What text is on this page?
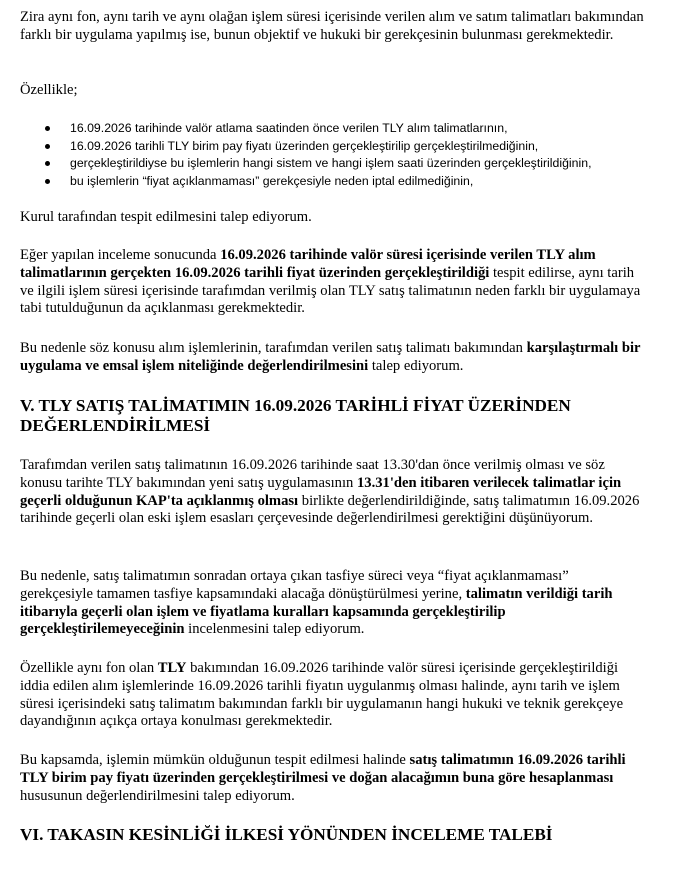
Zira aynı fon, aynı tarih ve aynı olağan işlem süresi içerisinde verilen alım ve satım talimatları bakımından farklı bir uygulama yapılmış ise, bunun objektif ve hukuki bir gerekçesinin bulunması gerekmektedir.

Özellikle;

16.09.2026 tarihinde valör atlama saatinden önce verilen TLY alım talimatlarının,
16.09.2026 tarihli TLY birim pay fiyatı üzerinden gerçekleştirilip gerçekleştirilmediğinin,
gerçekleştirildiyse bu işlemlerin hangi sistem ve hangi işlem saati üzerinden gerçekleştirildiğinin,
bu işlemlerin “fiyat açıklanmaması” gerekçesiyle neden iptal edilmediğinin,

Kurul tarafından tespit edilmesini talep ediyorum.

Eğer yapılan inceleme sonucunda 16.09.2026 tarihinde valör süresi içerisinde verilen TLY alım talimatlarının gerçekten 16.09.2026 tarihli fiyat üzerinden gerçekleştirildiği tespit edilirse, aynı tarih ve ilgili işlem süresi içerisinde tarafımdan verilmiş olan TLY satış talimatının neden farklı bir uygulamaya tabi tutulduğunun da açıklanması gerekmektedir.

Bu nedenle söz konusu alım işlemlerinin, tarafımdan verilen satış talimatı bakımından karşılaştırmalı bir uygulama ve emsal işlem niteliğinde değerlendirilmesini talep ediyorum.

V. TLY SATIŞ TALİMATIMIN 16.09.2026 TARİHLİ FİYAT ÜZERİNDEN DEĞERLENDİRİLMESİ

Tarafımdan verilen satış talimatının 16.09.2026 tarihinde saat 13.30'dan önce verilmiş olması ve söz konusu tarihte TLY bakımından yeni satış uygulamasının 13.31'den itibaren verilecek talimatlar için geçerli olduğunun KAP'ta açıklanmış olması birlikte değerlendirildiğinde, satış talimatımın 16.09.2026 tarihinde geçerli olan eski işlem esasları çerçevesinde değerlendirilmesi gerektiğini düşünüyorum.

Bu nedenle, satış talimatımın sonradan ortaya çıkan tasfiye süreci veya “fiyat açıklanmaması” gerekçesiyle tamamen tasfiye kapsamındaki alacağa dönüştürülmesi yerine, talimatın verildiği tarih itibarıyla geçerli olan işlem ve fiyatlama kuralları kapsamında gerçekleştirilip gerçekleştirilemeyeceğinin incelenmesini talep ediyorum.

Özellikle aynı fon olan TLY bakımından 16.09.2026 tarihinde valör süresi içerisinde gerçekleştirildiği iddia edilen alım işlemlerinde 16.09.2026 tarihli fiyatın uygulanmış olması halinde, aynı tarih ve işlem süresi içerisindeki satış talimatım bakımından farklı bir uygulamanın hangi hukuki ve teknik gerekçeye dayandığının açıkça ortaya konulması gerekmektedir.

Bu kapsamda, işlemin mümkün olduğunun tespit edilmesi halinde satış talimatımın 16.09.2026 tarihli TLY birim pay fiyatı üzerinden gerçekleştirilmesi ve doğan alacağımın buna göre hesaplanması hususunun değerlendirilmesini talep ediyorum.

VI. TAKASIN KESİNLİĞİ İLKESİ YÖNÜNDEN İNCELEME TALEBİ
